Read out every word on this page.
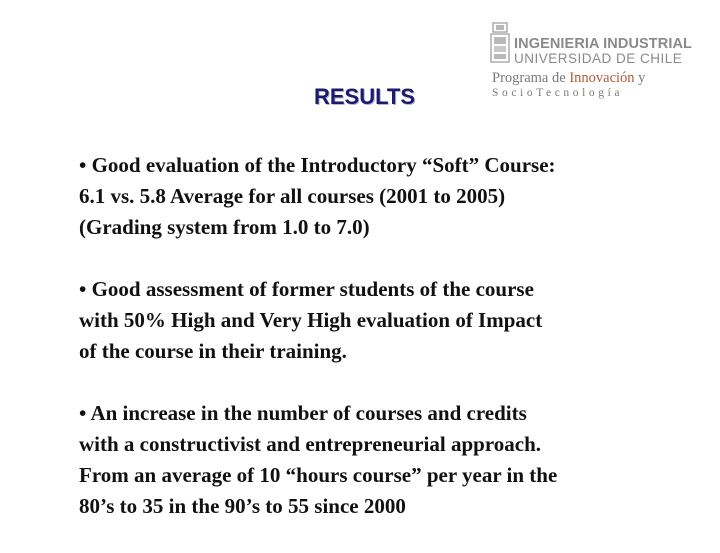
INGENIERIA INDUSTRIAL
UNIVERSIDAD DE CHILE
Programa de Innovación y
SocioTecnología
RESULTS
• Good evaluation of the Introductory “Soft” Course:
6.1 vs. 5.8 Average for all courses (2001 to 2005)
(Grading system from 1.0 to 7.0)
• Good assessment of former students of the course
with 50% High and Very High evaluation of Impact
of the course in their training.
• An increase in the number of courses and credits
with a constructivist and entrepreneurial approach.
From an average of 10 “hours course” per year in the
80’s to 35 in the 90’s to 55 since 2000
